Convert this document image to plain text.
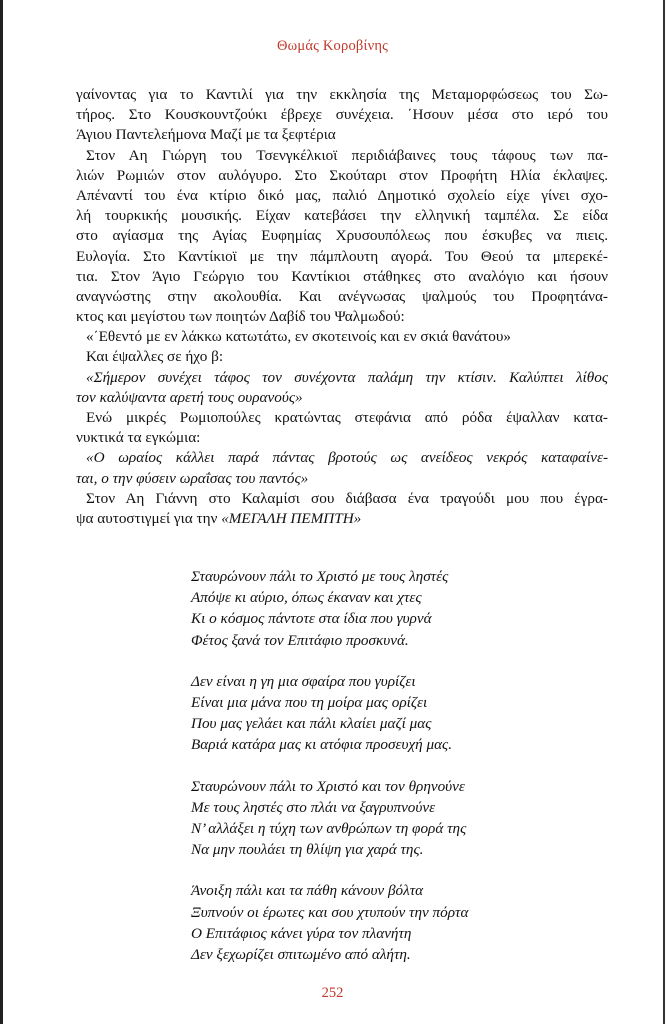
Θωμάς Κοροβίνης
γαίνοντας για το Καντιλί για την εκκλησία της Μεταμορφώσεως του Σω-
τήρος. Στο Κουσκουντζούκι έβρεχε συνέχεια. ΄Ησουν μέσα στο ιερό του
Άγιου Παντελεήμονα Μαζί με τα ξεφτέρια
Στον Αη Γιώργη του Τσενγκέλκιοϊ περιδιάβαινες τους τάφους των πα-
λιών Ρωμιών στον αυλόγυρο. Στο Σκούταρι στον Προφήτη Ηλία έκλαψες.
Απέναντί του ένα κτίριο δικό μας, παλιό Δημοτικό σχολείο είχε γίνει σχο-
λή τουρκικής μουσικής. Είχαν κατεβάσει την ελληνική ταμπέλα. Σε είδα
στο αγίασμα της Αγίας Ευφημίας Χρυσουπόλεως που έσκυβες να πιεις.
Ευλογία. Στο Καντίκιοϊ με την πάμπλουτη αγορά. Του Θεού τα μπερεκέ-
τια. Στον Άγιο Γεώργιο του Καντίκιοι στάθηκες στο αναλόγιο και ήσουν
αναγνώστης στην ακολουθία. Και ανέγνωσας ψαλμούς του Προφητάνα-
κτος και μεγίστου των ποιητών Δαβίδ του Ψαλμωδού:
«΄Εθεντό με εν λάκκω κατωτάτω, εν σκοτεινοίς και εν σκιά θανάτου»
Και έψαλλες σε ήχο β:
«Σήμερον συνέχει τάφος τον συνέχοντα παλάμη την κτίσιν. Καλύπτει λίθος
τον καλύψαντα αρετή τους ουρανούς»
Ενώ μικρές Ρωμιοπούλες κρατώντας στεφάνια από ρόδα έψαλλαν κατα-
νυκτικά τα εγκώμια:
«Ο ωραίος κάλλει παρά πάντας βροτούς ως ανείδεος νεκρός καταφαίνε-
ται, ο την φύσειν ωραΐσας του παντός»
Στον Αη Γιάννη στο Καλαμίσι σου διάβασα ένα τραγούδι μου που έγρα-
ψα αυτοστιγμεί για την «ΜΕΓΑΛΗ ΠΕΜΠΤΗ»
Σταυρώνουν πάλι το Χριστό με τους ληστές
Απόψε κι αύριο, όπως έκαναν και χτες
Κι ο κόσμος πάντοτε στα ίδια που γυρνά
Φέτος ξανά τον Επιτάφιο προσκυνά.
Δεν είναι η γη μια σφαίρα που γυρίζει
Είναι μια μάνα που τη μοίρα μας ορίζει
Που μας γελάει και πάλι κλαίει μαζί μας
Βαριά κατάρα μας κι ατόφια προσευχή μας.
Σταυρώνουν πάλι το Χριστό και τον θρηνούνε
Με τους ληστές στο πλάι να ξαγρυπνούνε
Ν’ αλλάξει η τύχη των ανθρώπων τη φορά της
Να μην πουλάει τη θλίψη για χαρά της.
Άνοιξη πάλι και τα πάθη κάνουν βόλτα
Ξυπνούν οι έρωτες και σου χτυπούν την πόρτα
Ο Επιτάφιος κάνει γύρα τον πλανήτη
Δεν ξεχωρίζει σπιτωμένο από αλήτη.
252
